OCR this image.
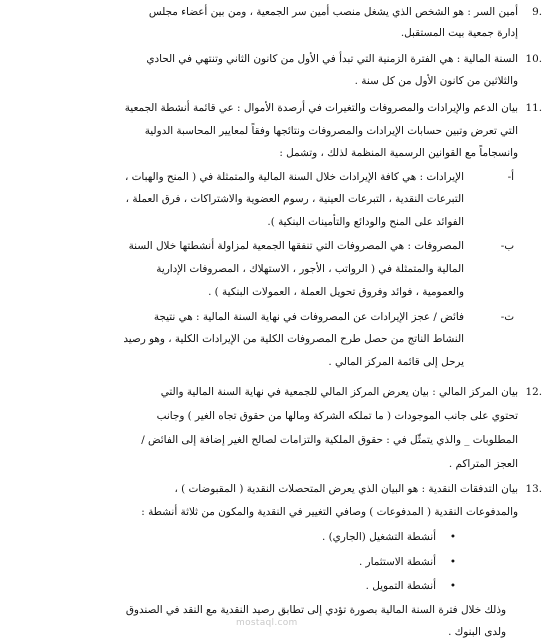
9.
أمين السر : هو الشخص الذي يشغل منصب أمين سر الجمعية ، ومن بين أعضاء مجلس
إدارة جمعية بيت المستقبل.
10.
السنة المالية : هي الفترة الزمنية التي تبدأ في الأول من كانون الثاني وتنتهي في الحادي
والثلاثين من كانون الأول من كل سنة .
11.
بيان الدعم والإيرادات والمصروفات والتغيرات في أرصدة الأموال : عي قائمة أنشطة الجمعية
التي تعرض وتبين حسابات الإيرادات والمصروفات ونتائجها وفقاً لمعايير المحاسبة الدولية
وانسجاماً مع القوانين الرسمية المنظمة لذلك ، وتشمل :
أ-
الإيرادات : هي كافة الإيرادات خلال السنة المالية والمتمثلة في ( المنح والهبات ،
التبرعات النقدية ، التبرعات العينية ، رسوم العضوية والاشتراكات ، فرق العملة ،
الفوائد على المنح والودائع والتأمينات البنكية ).
ب-
المصروفات : هي المصروفات التي تنفقها الجمعية لمزاولة أنشطتها خلال السنة
المالية والمتمثلة في ( الرواتب ، الأجور ، الاستهلاك ، المصروفات الإدارية
والعمومية ، فوائد وفروق تحويل العملة ، العمولات البنكية ) .
ت-
فائض / عجز الإيرادات عن المصروفات في نهاية السنة المالية : هي نتيجة
النشاط الناتج من حصل طرح المصروفات الكلية من الإيرادات الكلية ، وهو رصيد
يرحل إلى قائمة المركز المالي .
12.
بيان المركز المالي : بيان يعرض المركز المالي للجمعية في نهاية السنة المالية والتي
تحتوي على جانب الموجودات ( ما تملكه الشركة ومالها من حقوق تجاه الغير ) وجانب
المطلوبات _ والذي يتمثّل في : حقوق الملكية والتزامات لصالح الغير إضافة إلى الفائض /
العجز المتراكم .
13.
بيان التدفقات النقدية : هو البيان الذي يعرض المتحصلات النقدية ( المقبوضات ) ،
والمدفوعات النقدية ( المدفوعات ) وصافي التغيير في النقدية والمكون من ثلاثة أنشطة :
•
أنشطة التشغيل (الجاري) .
•
أنشطة الاستثمار .
•
أنشطة التمويل .
وذلك خلال فترة السنة المالية بصورة تؤدي إلى تطابق رصيد النقدية مع النقد في الصندوق
ولدى البنوك .
mostaql.com
